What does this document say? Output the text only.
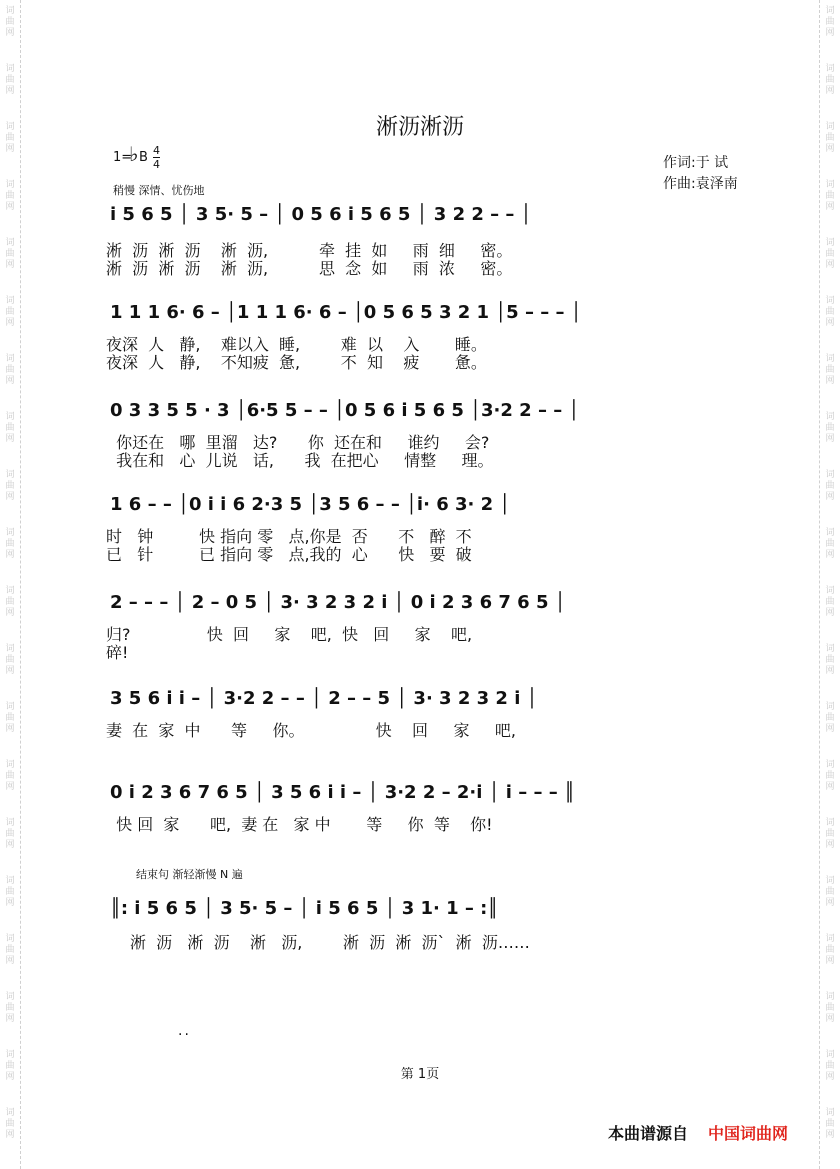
词曲网
词曲网
词曲网
词曲网
词曲网
词曲网
词曲网
词曲网
词曲网
词曲网
词曲网
词曲网
词曲网
词曲网
词曲网
词曲网
词曲网
词曲网
词曲网
词曲网
词曲网
词曲网
词曲网
词曲网
词曲网
词曲网
词曲网
词曲网
词曲网
词曲网
词曲网
词曲网
词曲网
词曲网
词曲网
词曲网
词曲网
词曲网
词曲网
词曲网
淅沥淅沥
1=
♭ B $\frac{4}{4}$
稍慢 深情、忧伤地
作词:于 试
作曲:袁泽南
i̇ 5 6 5 │ 3 5· 5 – │ 0 5 6 i̇ 5 6 5 │ 3 2 2 – – │
淅  沥  淅  沥    淅  沥,          牵  挂  如     雨  细     密。
淅  沥  淅  沥    淅  沥,          思  念  如     雨  浓     密。
1 1 1 6· 6 – │1 1 1 6· 6 – │0 5 6 5 3 2 1 │5 – – – │
夜深  人   静,    难以入  睡,        难  以    入       睡。
夜深  人   静,    不知疲  惫,        不  知    疲       惫。
0 3 3 5 5 · 3 │6·5 5 – – │0 5 6 i̇ 5 6 5 │3·2 2 – – │
你还在   哪  里溜   达?      你  还在和     谁约     会?
我在和   心  儿说   话,      我  在把心     情整     理。
1 6 – – │0 i̇ i̇ 6 2·3 5 │3 5 6 – – │i̇· 6 3· 2 │
时   钟         快 指向 零   点,你是  否      不   醉  不
已   针         已 指向 零   点,我的  心      快   要  破
2 – – – │ 2 – 0 5 │ 3· 3 2 3 2 i̇ │ 0 i̇ 2 3 6 7 6 5 │
归?               快  回     家    吧,  快   回     家    吧,
碎!
3 5 6 i̇ i̇ – │ 3·2 2 – – │ 2 – – 5 │ 3· 3 2 3 2 i̇ │
妻  在  家  中      等     你。              快    回     家     吧,
0 i̇ 2 3 6 7 6 5 │ 3 5 6 i̇ i̇ – │ 3·2 2 – 2·i̇ │ i̇ – – – ║
快 回  家      吧,  妻 在   家 中       等     你  等    你!
结束句 渐轻渐慢 N 遍
║: i̇ 5 6 5 │ 3 5· 5 – │ i̇ 5 6 5 │ 3 1· 1 – :║
淅  沥   淅  沥    淅   沥,        淅  沥  淅  沥`  淅  沥……
..
第 1页
本曲谱源自 中国词曲网
